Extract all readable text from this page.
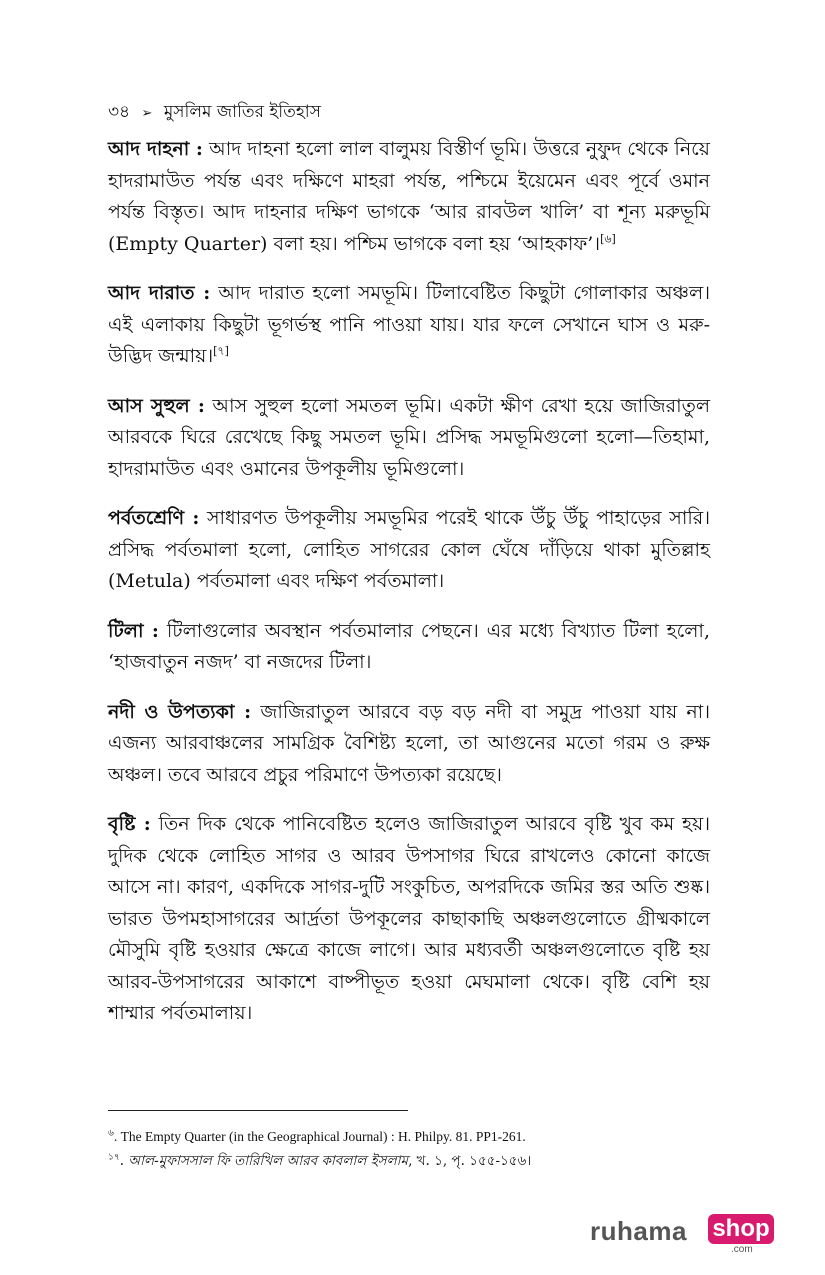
৩৪ ➢ মুসলিম জাতির ইতিহাস

আদ দাহনা : আদ দাহনা হলো লাল বালুময় বিস্তীর্ণ ভূমি। উত্তরে নুফুদ থেকে নিয়ে হাদরামাউত পর্যন্ত এবং দক্ষিণে মাহরা পর্যন্ত, পশ্চিমে ইয়েমেন এবং পূর্বে ওমান পর্যন্ত বিস্তৃত। আদ দাহনার দক্ষিণ ভাগকে ‘আর রাবউল খালি’ বা শূন্য মরুভূমি (Empty Quarter) বলা হয়। পশ্চিম ভাগকে বলা হয় ‘আহকাফ’।[৬]

আদ দারাত : আদ দারাত হলো সমভূমি। টিলাবেষ্টিত কিছুটা গোলাকার অঞ্চল। এই এলাকায় কিছুটা ভূগর্ভস্থ পানি পাওয়া যায়। যার ফলে সেখানে ঘাস ও মরু-উদ্ভিদ জন্মায়।[৭]

আস সুহুল : আস সুহুল হলো সমতল ভূমি। একটা ক্ষীণ রেখা হয়ে জাজিরাতুল আরবকে ঘিরে রেখেছে কিছু সমতল ভূমি। প্রসিদ্ধ সমভূমিগুলো হলো—তিহামা, হাদরামাউত এবং ওমানের উপকূলীয় ভূমিগুলো।

পর্বতশ্রেণি : সাধারণত উপকূলীয় সমভূমির পরেই থাকে উঁচু উঁচু পাহাড়ের সারি। প্রসিদ্ধ পর্বতমালা হলো, লোহিত সাগরের কোল ঘেঁষে দাঁড়িয়ে থাকা মুতিল্লাহ (Metula) পর্বতমালা এবং দক্ষিণ পর্বতমালা।

টিলা : টিলাগুলোর অবস্থান পর্বতমালার পেছনে। এর মধ্যে বিখ্যাত টিলা হলো, ‘হাজবাতুন নজদ’ বা নজদের টিলা।

নদী ও উপত্যকা : জাজিরাতুল আরবে বড় বড় নদী বা সমুদ্র পাওয়া যায় না। এজন্য আরবাঞ্চলের সামগ্রিক বৈশিষ্ট্য হলো, তা আগুনের মতো গরম ও রুক্ষ অঞ্চল। তবে আরবে প্রচুর পরিমাণে উপত্যকা রয়েছে।

বৃষ্টি : তিন দিক থেকে পানিবেষ্টিত হলেও জাজিরাতুল আরবে বৃষ্টি খুব কম হয়। দুদিক থেকে লোহিত সাগর ও আরব উপসাগর ঘিরে রাখলেও কোনো কাজে আসে না। কারণ, একদিকে সাগর-দুটি সংকুচিত, অপরদিকে জমির স্তর অতি শুষ্ক। ভারত উপমহাসাগরের আর্দ্রতা উপকূলের কাছাকাছি অঞ্চলগুলোতে গ্রীষ্মকালে মৌসুমি বৃষ্টি হওয়ার ক্ষেত্রে কাজে লাগে। আর মধ্যবর্তী অঞ্চলগুলোতে বৃষ্টি হয় আরব-উপসাগরের আকাশে বাষ্পীভূত হওয়া মেঘমালা থেকে। বৃষ্টি বেশি হয় শাম্মার পর্বতমালায়।

$^৬$. The Empty Quarter (in the Geographical Journal) : H. Philpy. 81. PP1-261.

$^{১৭}$. আল-মুফাসসাল ফি তারিখিল আরব কাবলাল ইসলাম, খ. ১, পৃ. ১৫৫-১৫৬।

ruhama shop
.com
